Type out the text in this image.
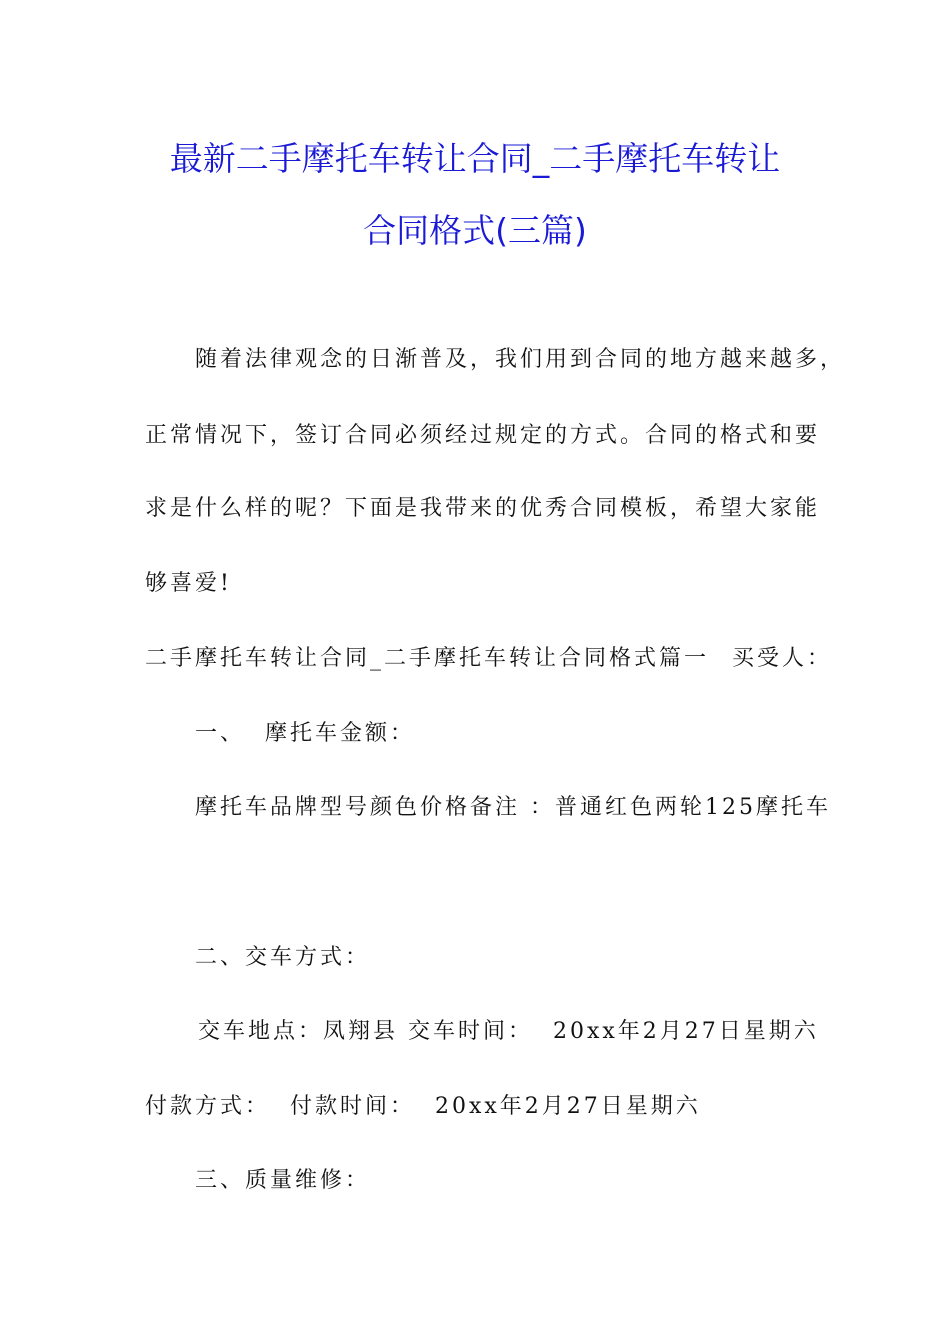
最新二手摩托车转让合同_二手摩托车转让
合同格式(三篇)
随着法律观念的日渐普及，我们用到合同的地方越来越多，
正常情况下，签订合同必须经过规定的方式。合同的格式和要
求是什么样的呢？下面是我带来的优秀合同模板，希望大家能
够喜爱!
二手摩托车转让合同_二手摩托车转让合同格式篇一 买受人：
一、  摩托车金额：
摩托车品牌型号颜色价格备注 ：普通红色两轮125摩托车
二、交车方式：
交车地点：凤翔县 交车时间：  20xx年2月27日星期六
付款方式：  付款时间：  20xx年2月27日星期六
三、质量维修：
